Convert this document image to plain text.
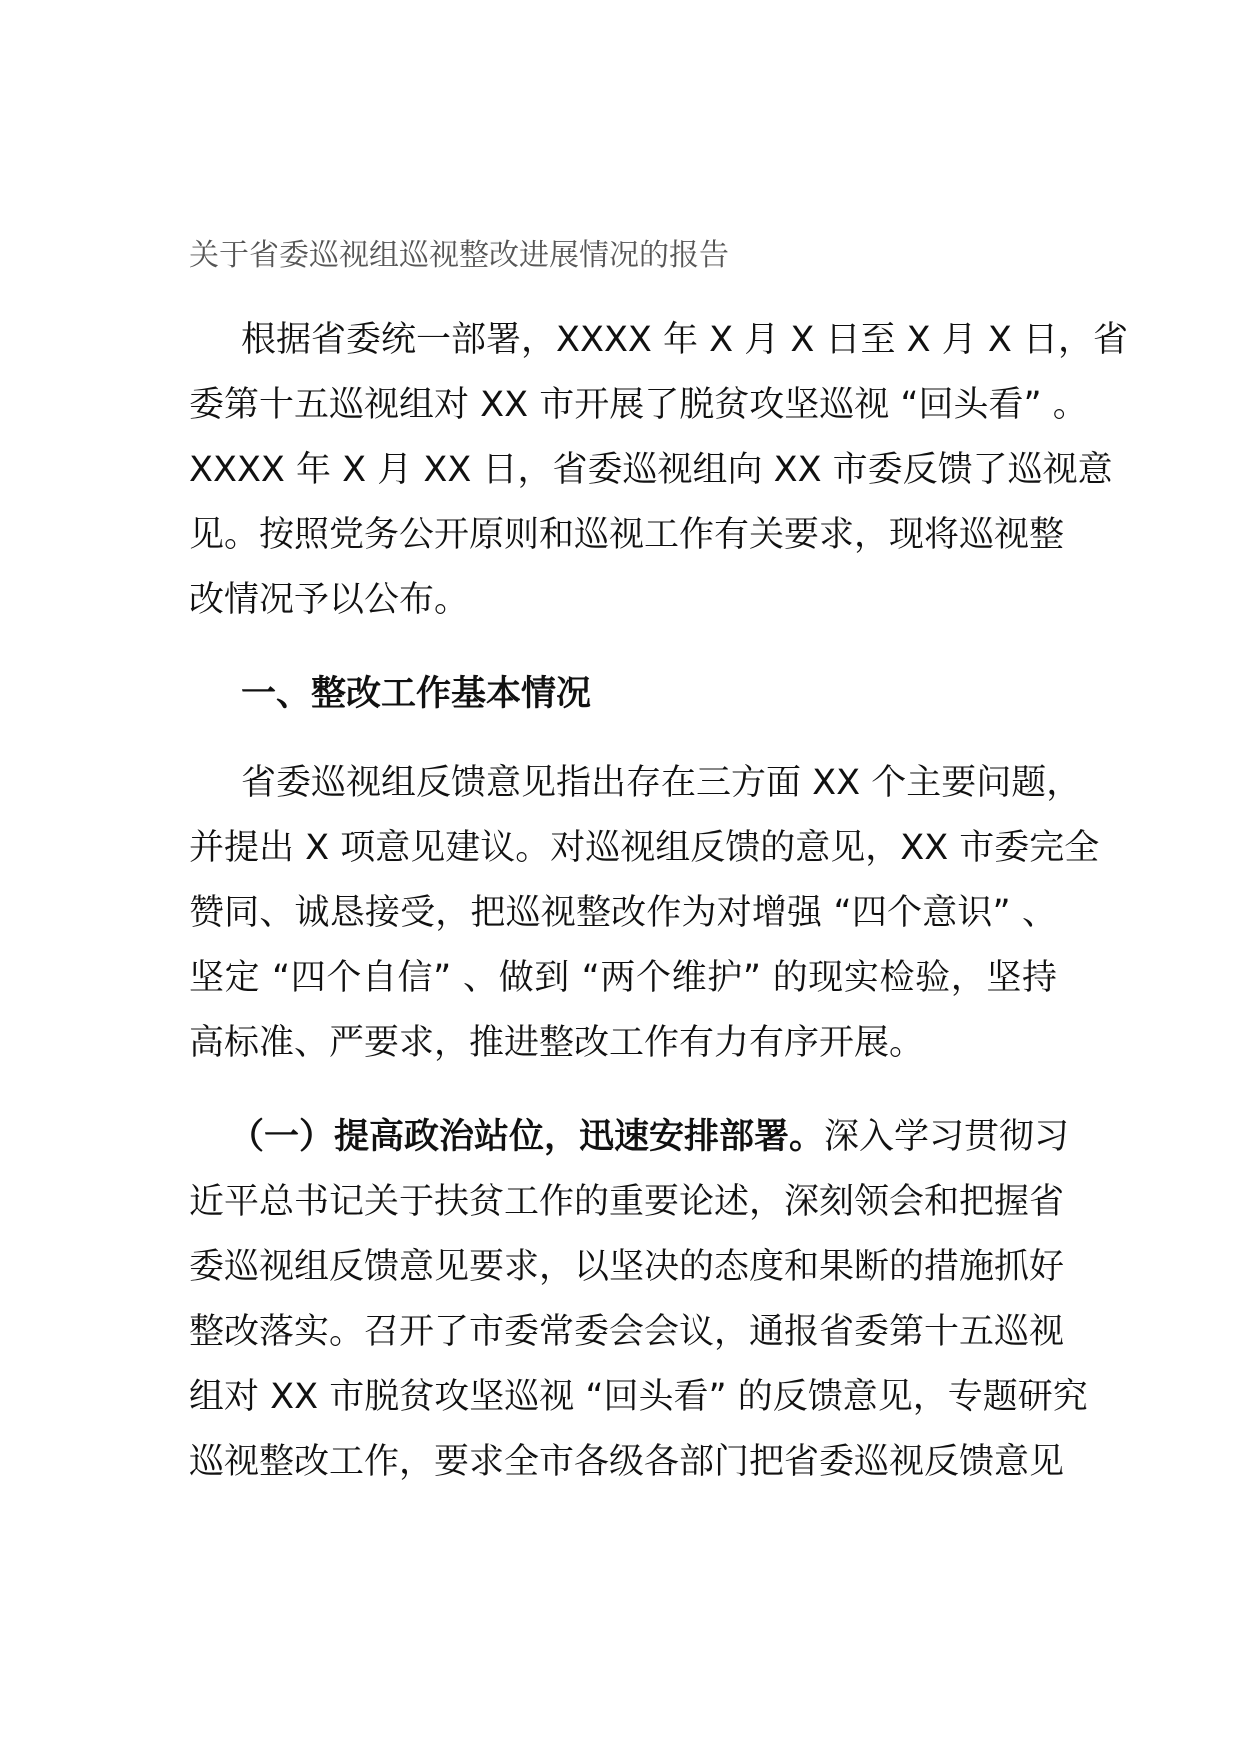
关于省委巡视组巡视整改进展情况的报告
根据省委统一部署，XXXX 年 X 月 X 日至 X 月 X 日，省
委第十五巡视组对 XX 市开展了脱贫攻坚巡视 “回头看” 。
XXXX 年 X 月 XX 日，省委巡视组向 XX 市委反馈了巡视意
见。按照党务公开原则和巡视工作有关要求，现将巡视整
改情况予以公布。
一、整改工作基本情况
省委巡视组反馈意见指出存在三方面 XX 个主要问题，
并提出 X 项意见建议。对巡视组反馈的意见，XX 市委完全
赞同、诚恳接受，把巡视整改作为对增强 “四个意识” 、
坚定 “四个自信” 、做到 “两个维护” 的现实检验，坚持
高标准、严要求，推进整改工作有力有序开展。
（一）提高政治站位，迅速安排部署。深入学习贯彻习
近平总书记关于扶贫工作的重要论述，深刻领会和把握省
委巡视组反馈意见要求，以坚决的态度和果断的措施抓好
整改落实。召开了市委常委会会议，通报省委第十五巡视
组对 XX 市脱贫攻坚巡视 “回头看” 的反馈意见，专题研究
巡视整改工作，要求全市各级各部门把省委巡视反馈意见
